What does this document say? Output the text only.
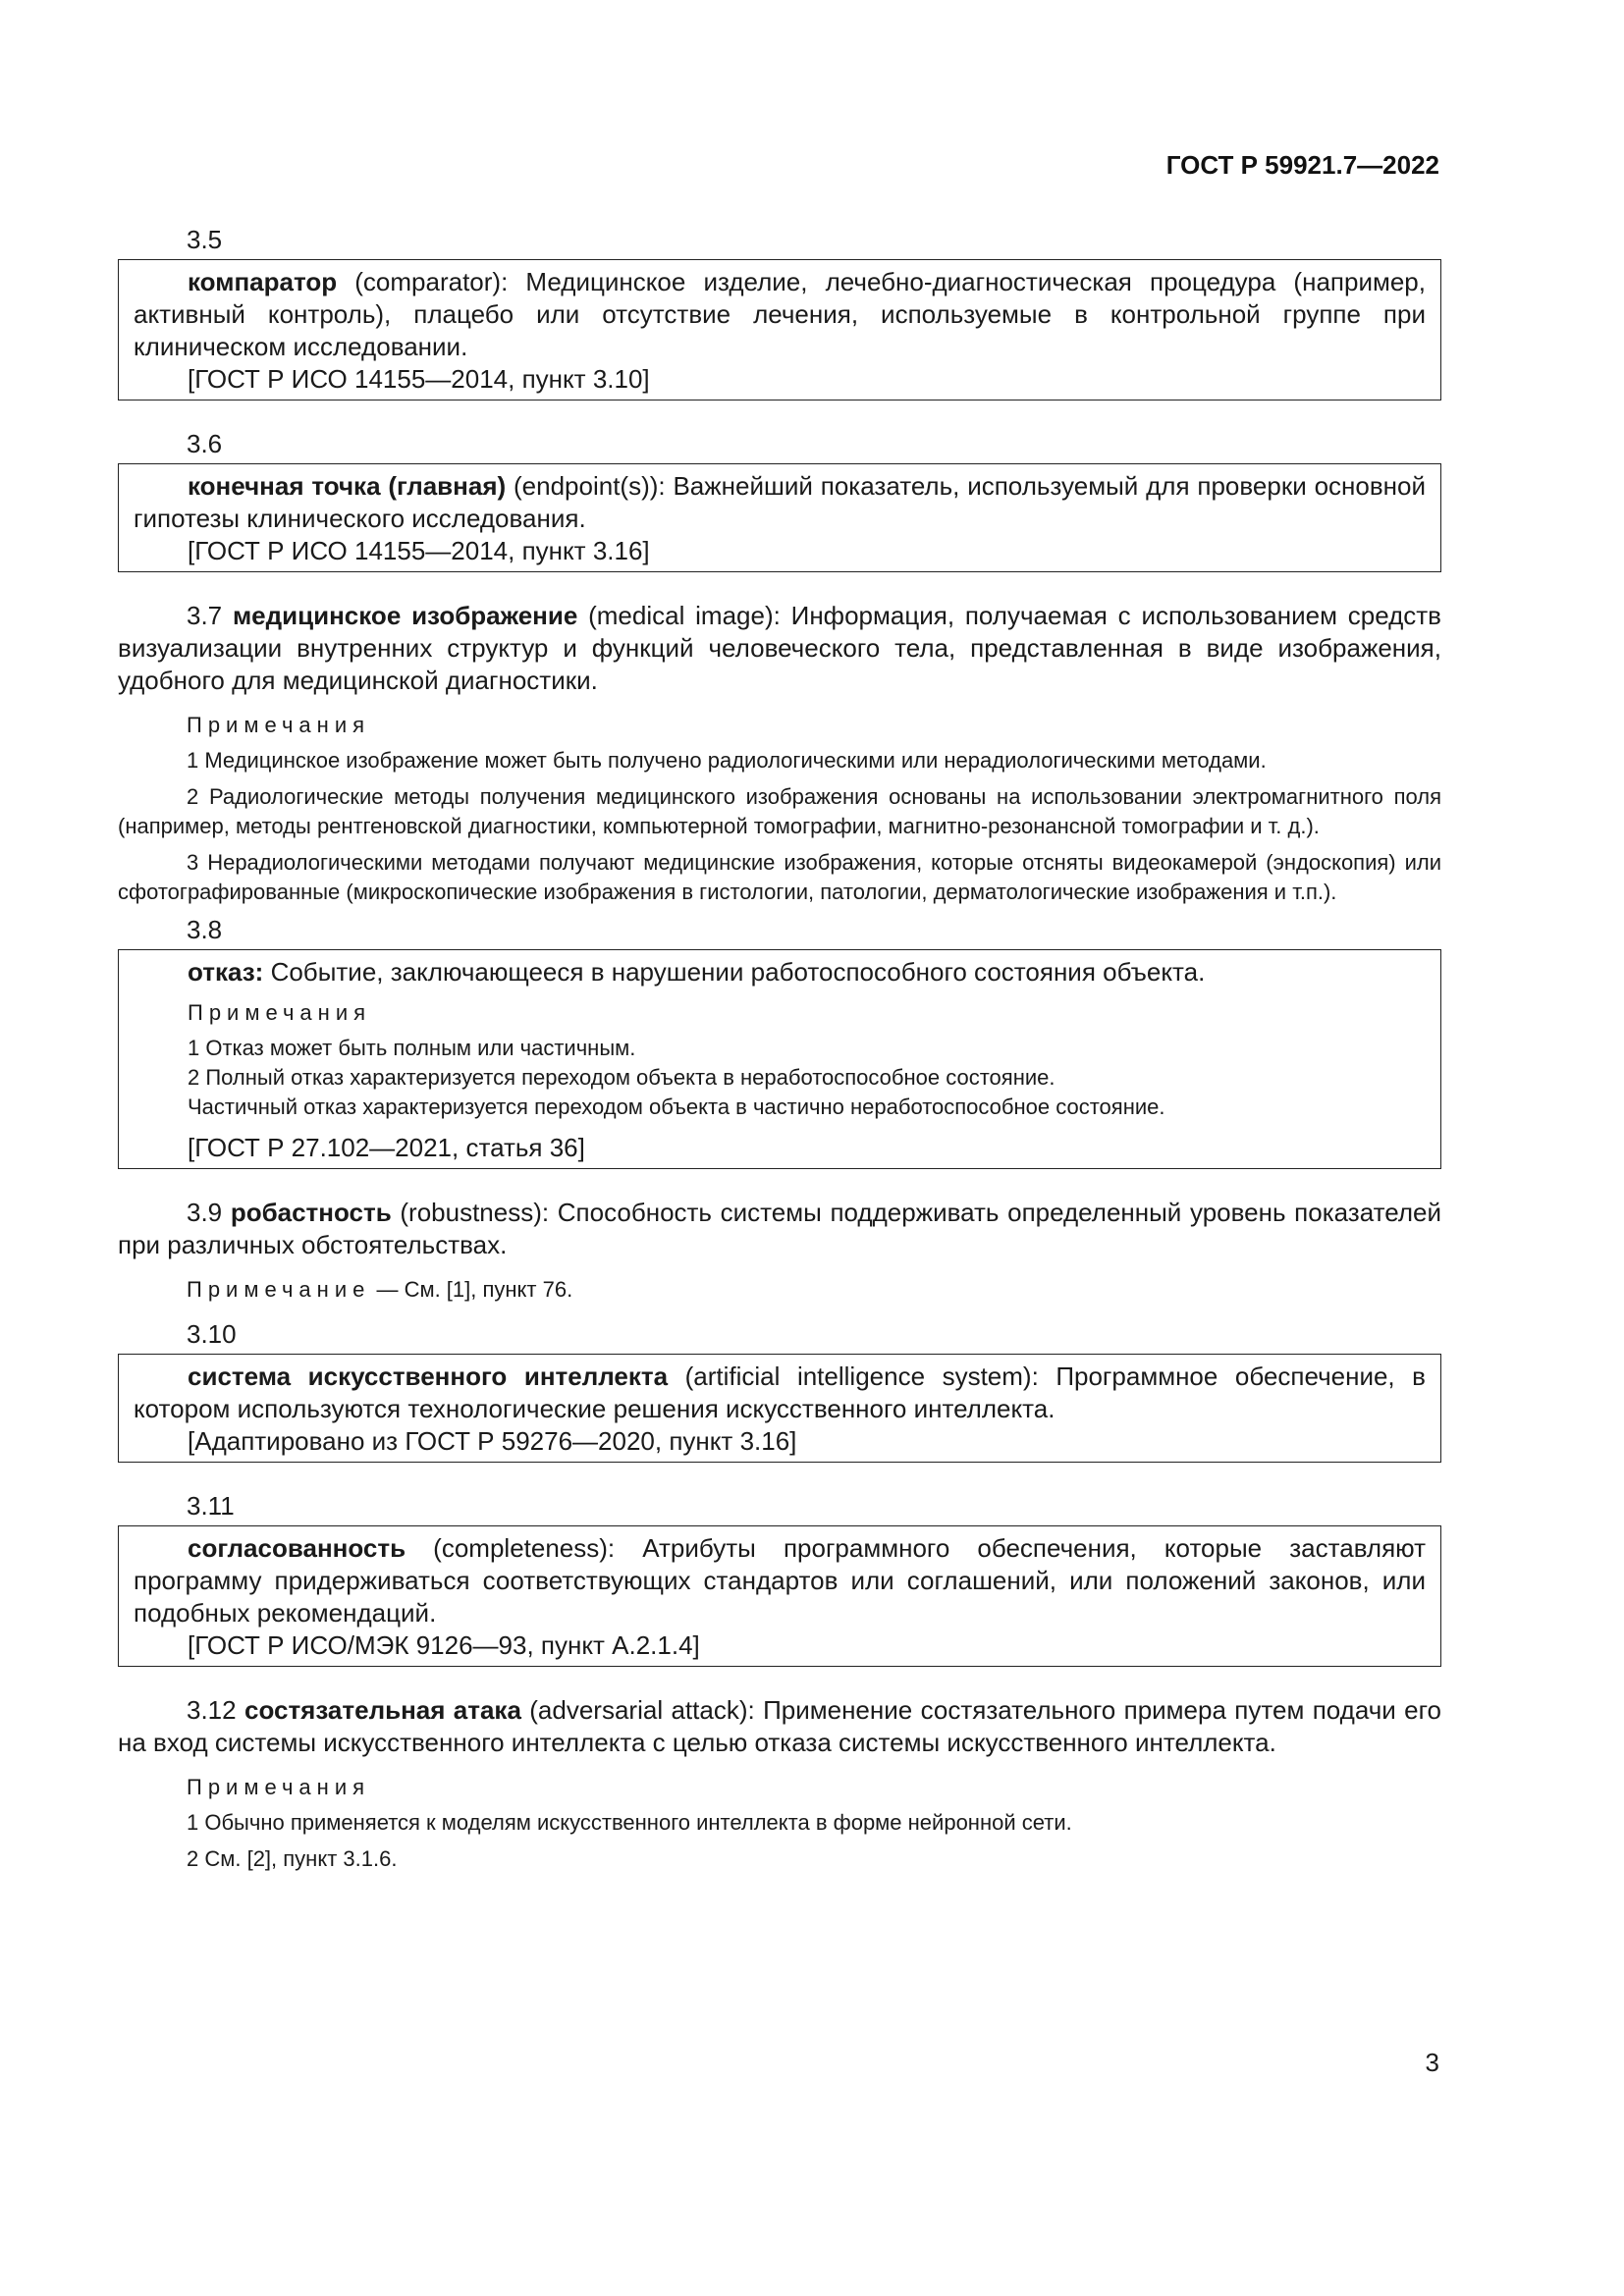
ГОСТ Р 59921.7—2022
3.5

компаратор (comparator): Медицинское изделие, лечебно-диагностическая процедура (например, активный контроль), плацебо или отсутствие лечения, используемые в контрольной группе при клиническом исследовании.

[ГОСТ Р ИСО 14155—2014, пункт 3.10]

3.6

конечная точка (главная) (endpoint(s)): Важнейший показатель, используемый для проверки основной гипотезы клинического исследования.

[ГОСТ Р ИСО 14155—2014, пункт 3.16]

3.7 медицинское изображение (medical image): Информация, получаемая с использованием средств визуализации внутренних структур и функций человеческого тела, представленная в виде изображения, удобного для медицинской диагностики.

Примечания

1 Медицинское изображение может быть получено радиологическими или нерадиологическими методами.

2 Радиологические методы получения медицинского изображения основаны на использовании электромагнитного поля (например, методы рентгеновской диагностики, компьютерной томографии, магнитно-резонансной томографии и т. д.).

3 Нерадиологическими методами получают медицинские изображения, которые отсняты видеокамерой (эндоскопия) или сфотографированные (микроскопические изображения в гистологии, патологии, дерматологические изображения и т.п.).

3.8

отказ: Событие, заключающееся в нарушении работоспособного состояния объекта.

Примечания

1 Отказ может быть полным или частичным.

2 Полный отказ характеризуется переходом объекта в неработоспособное состояние.

Частичный отказ характеризуется переходом объекта в частично неработоспособное состояние.

[ГОСТ Р 27.102—2021, статья 36]

3.9 робастность (robustness): Способность системы поддерживать определенный уровень показателей при различных обстоятельствах.

Примечание — См. [1], пункт 76.

3.10

система искусственного интеллекта (artificial intelligence system): Программное обеспечение, в котором используются технологические решения искусственного интеллекта.

[Адаптировано из ГОСТ Р 59276—2020, пункт 3.16]

3.11

согласованность (completeness): Атрибуты программного обеспечения, которые заставляют программу придерживаться соответствующих стандартов или соглашений, или положений законов, или подобных рекомендаций.

[ГОСТ Р ИСО/МЭК 9126—93, пункт А.2.1.4]

3.12 состязательная атака (adversarial attack): Применение состязательного примера путем подачи его на вход системы искусственного интеллекта с целью отказа системы искусственного интеллекта.

Примечания

1 Обычно применяется к моделям искусственного интеллекта в форме нейронной сети.

2 См. [2], пункт 3.1.6.

3
